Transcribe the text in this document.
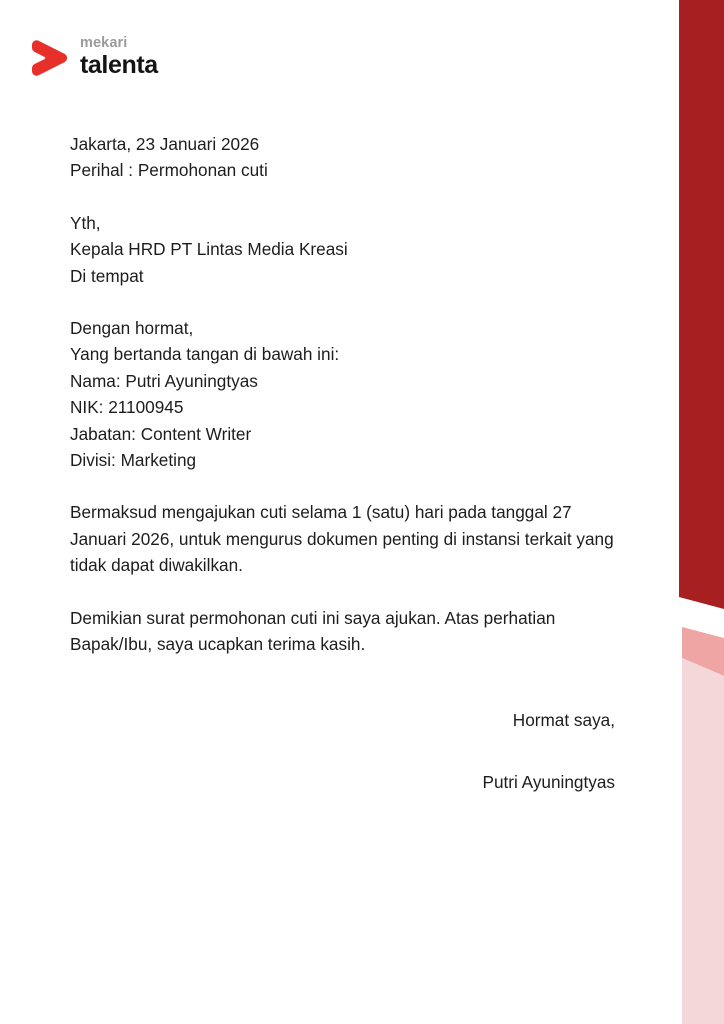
mekari
talenta
Jakarta, 23 Januari 2026
Perihal : Permohonan cuti
Yth,
Kepala HRD PT Lintas Media Kreasi
Di tempat
Dengan hormat,
Yang bertanda tangan di bawah ini:
Nama: Putri Ayuningtyas
NIK: 21100945
Jabatan: Content Writer
Divisi: Marketing
Bermaksud mengajukan cuti selama 1 (satu) hari pada tanggal 27 Januari 2026, untuk mengurus dokumen penting di instansi terkait yang tidak dapat diwakilkan.
Demikian surat permohonan cuti ini saya ajukan. Atas perhatian Bapak/Ibu, saya ucapkan terima kasih.
Hormat saya,
Putri Ayuningtyas
